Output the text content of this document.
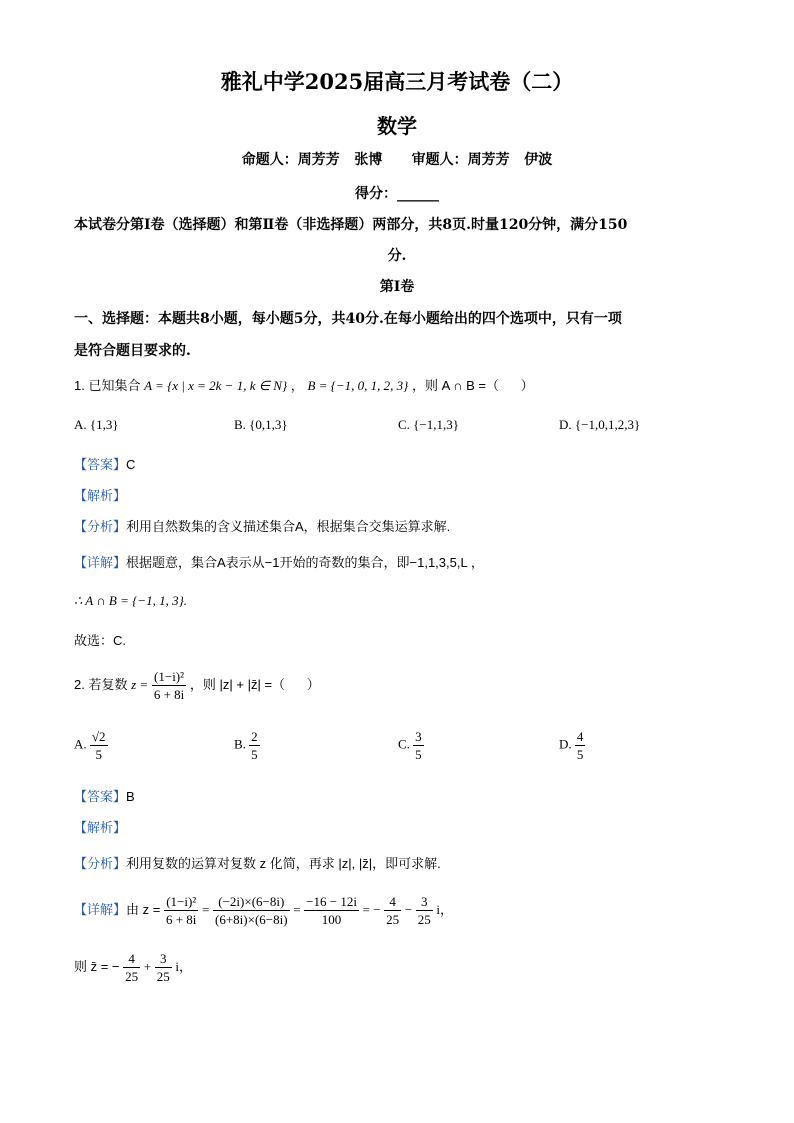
雅礼中学2025届高三月考试卷（二）
数学
命题人：周芳芳   张博      审题人：周芳芳   伊波
得分：______
本试卷分第Ⅰ卷（选择题）和第Ⅱ卷（非选择题）两部分，共8页.时量120分钟，满分150
分.
第Ⅰ卷
一、选择题：本题共8小题，每小题5分，共40分.在每小题给出的四个选项中，只有一项
是符合题目要求的.
1. 已知集合 A = {x | x = 2k − 1, k ∈ N} ， B = {−1, 0, 1, 2, 3} ，则 A ∩ B =（      ）
A. {1,3}	B. {0,1,3}	C. {−1,1,3}	D. {−1,0,1,2,3}
【答案】C
【解析】
【分析】利用自然数集的含义描述集合A，根据集合交集运算求解.
【详解】根据题意，集合A表示从−1开始的奇数的集合，即−1,1,3,5,L ，
∴ A ∩ B = {−1, 1, 3}.
故选：C.
2. 若复数 $z = \frac{\text{(1−i)²}}{6 + 8i}$ ，则 |z| + |z̄| =（      ）
A. $\frac{√2}{5}$	B. $\frac{2}{5}$	C. $\frac{3}{5}$	D. $\frac{4}{5}$
【答案】B
【解析】
【分析】利用复数的运算对复数 z 化简，再求 |z|, |z̄|，即可求解.
【详解】由 $z = \frac{\text{(1−i)²}}{6 + 8i} = \frac{(-2i)\times(6-8i)}{(6+8i)\times(6-8i)} = \frac{-16 - 12i}{100}$ = − $\frac{4}{25} - \frac{3}{25}$ i，
则 z̄ = − $\frac{4}{25} + \frac{3}{25}$ i，
